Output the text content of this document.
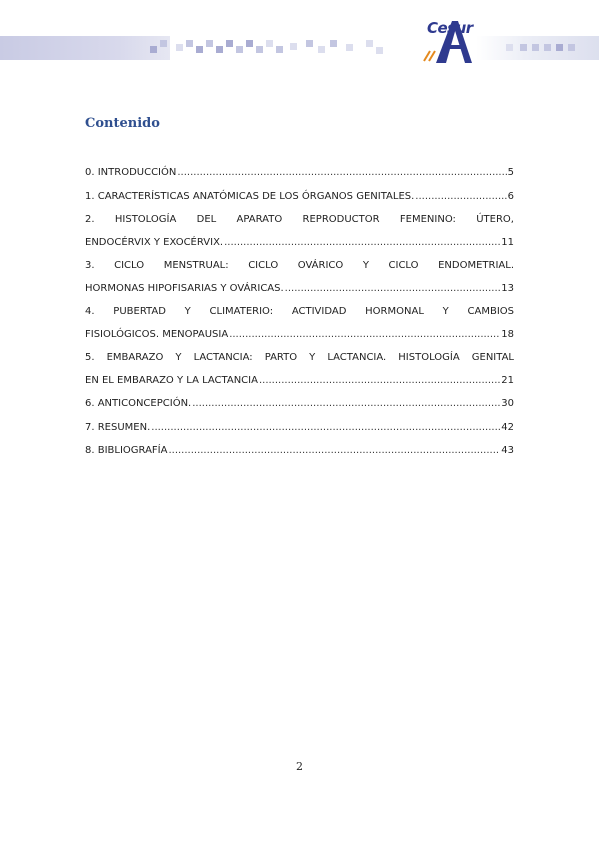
Cesur
Contenido
0. INTRODUCCIÓN .....	5
1. CARACTERÍSTICAS ANATÓMICAS DE LOS ÓRGANOS GENITALES. .....	6
2. HISTOLOGÍA DEL APARATO REPRODUCTOR FEMENINO: ÚTERO,
ENDOCÉRVIX Y EXOCÉRVIX. .....	11
3. CICLO MENSTRUAL: CICLO OVÁRICO Y CICLO ENDOMETRIAL.
HORMONAS HIPOFISARIAS Y OVÁRICAS. .....	13
4. PUBERTAD Y CLIMATERIO: ACTIVIDAD HORMONAL Y CAMBIOS
FISIOLÓGICOS. MENOPAUSIA .....	18
5. EMBARAZO Y LACTANCIA: PARTO Y LACTANCIA. HISTOLOGÍA GENITAL
EN EL EMBARAZO Y LA LACTANCIA .....	21
6. ANTICONCEPCIÓN. .....	30
7. RESUMEN. .....	42
8. BIBLIOGRAFÍA .....	43
2
